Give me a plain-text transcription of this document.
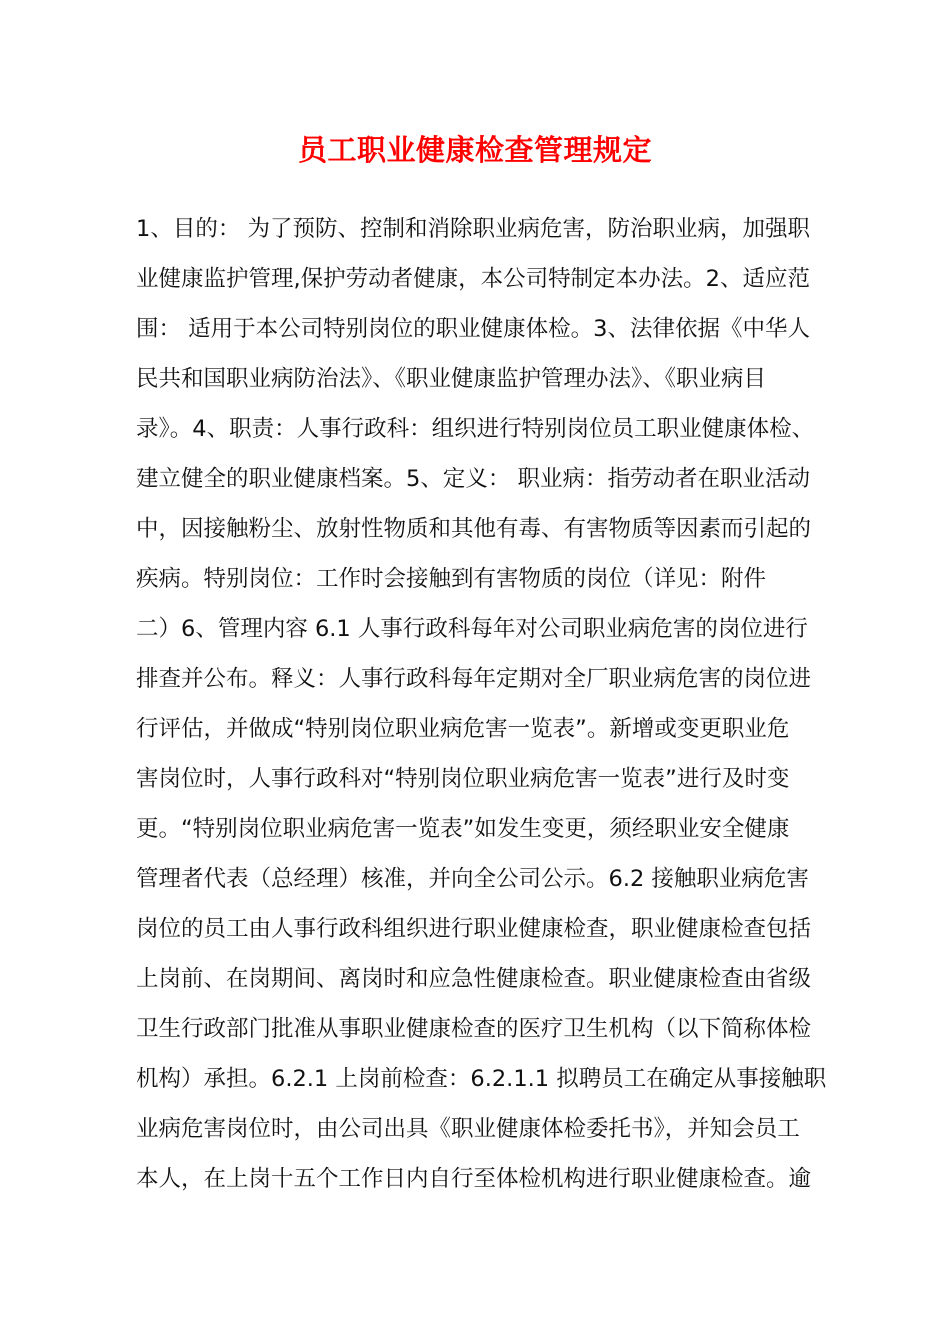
员工职业健康检查管理规定
1、目的： 为了预防、控制和消除职业病危害，防治职业病，加强职
业健康监护管理,保护劳动者健康，本公司特制定本办法。2、适应范
围： 适用于本公司特别岗位的职业健康体检。3、法律依据《中华人
民共和国职业病防治法》、《职业健康监护管理办法》、《职业病目
录》。4、职责：人事行政科：组织进行特别岗位员工职业健康体检、
建立健全的职业健康档案。5、定义： 职业病：指劳动者在职业活动
中，因接触粉尘、放射性物质和其他有毒、有害物质等因素而引起的
疾病。特别岗位：工作时会接触到有害物质的岗位（详见：附件
二）6、管理内容 6.1 人事行政科每年对公司职业病危害的岗位进行
排查并公布。释义：人事行政科每年定期对全厂职业病危害的岗位进
行评估，并做成“特别岗位职业病危害一览表”。新增或变更职业危
害岗位时，人事行政科对“特别岗位职业病危害一览表”进行及时变
更。“特别岗位职业病危害一览表”如发生变更，须经职业安全健康
管理者代表（总经理）核准，并向全公司公示。6.2 接触职业病危害
岗位的员工由人事行政科组织进行职业健康检查，职业健康检查包括
上岗前、在岗期间、离岗时和应急性健康检查。职业健康检查由省级
卫生行政部门批准从事职业健康检查的医疗卫生机构（以下简称体检
机构）承担。6.2.1 上岗前检查：6.2.1.1 拟聘员工在确定从事接触职
业病危害岗位时，由公司出具《职业健康体检委托书》，并知会员工
本人，在上岗十五个工作日内自行至体检机构进行职业健康检查。逾
